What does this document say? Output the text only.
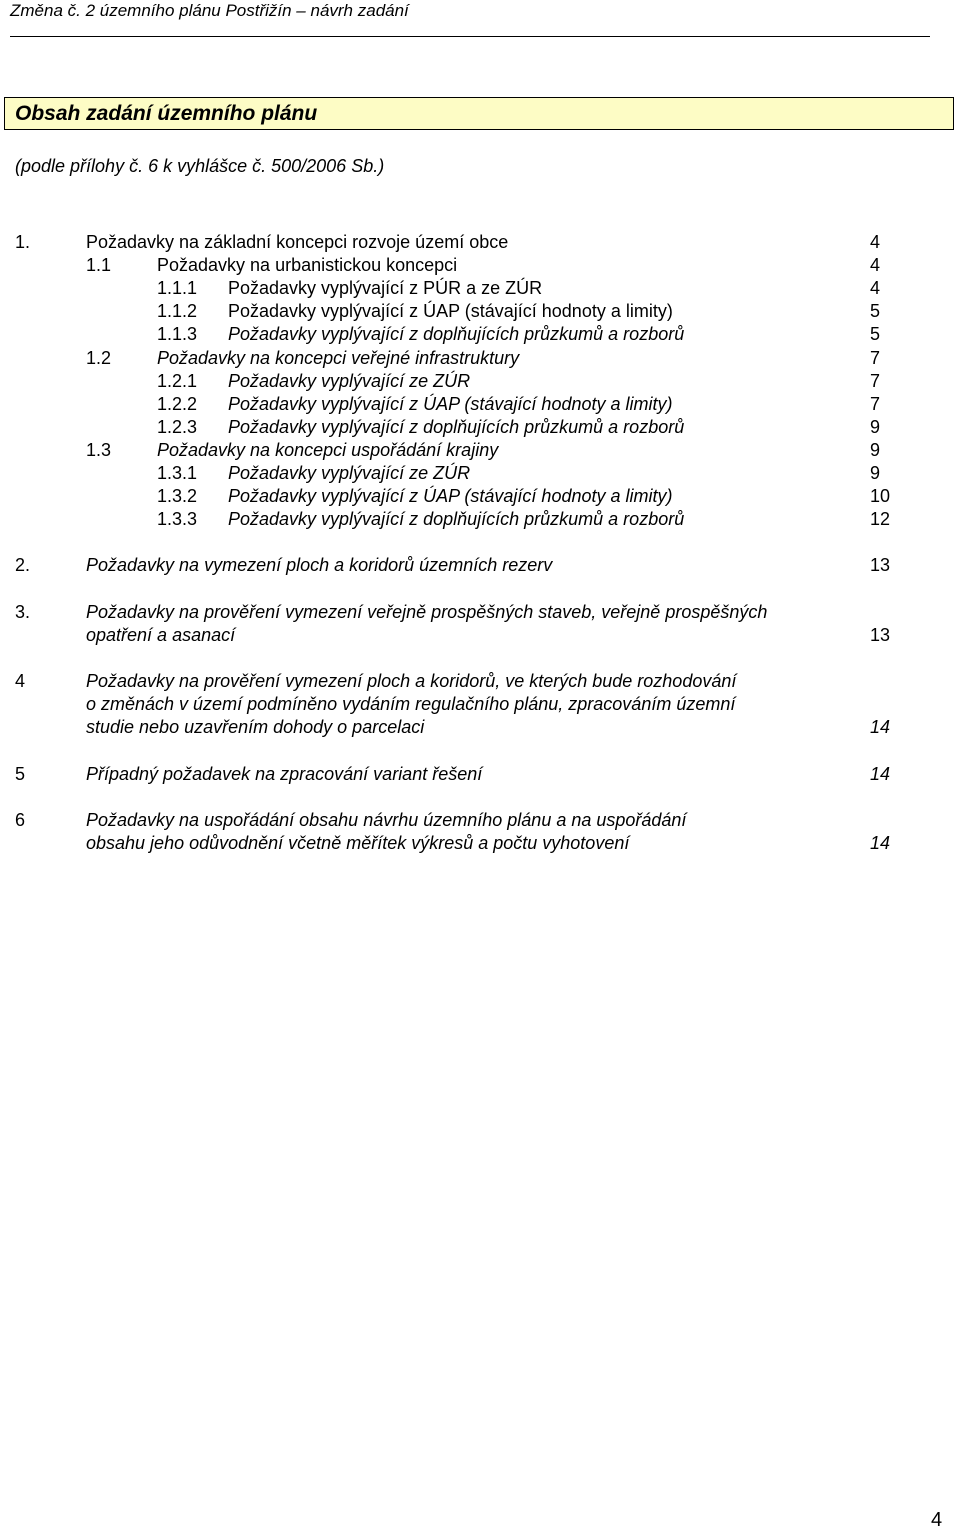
Změna č. 2 územního plánu Postřižín – návrh zadání
Obsah zadání územního plánu
(podle přílohy č. 6 k vyhlášce č. 500/2006 Sb.)
1.	Požadavky na základní koncepci rozvoje území obce	4
1.1	Požadavky na urbanistickou koncepci	4
1.1.1 Požadavky vyplývající z PÚR a ze ZÚR	4
1.1.2 Požadavky vyplývající z ÚAP (stávající hodnoty a limity)	5
1.1.3 Požadavky vyplývající z doplňujících průzkumů a rozborů	5
1.2	Požadavky na koncepci veřejné infrastruktury	7
1.2.1 Požadavky vyplývající ze ZÚR	7
1.2.2 Požadavky vyplývající z ÚAP (stávající hodnoty a limity)	7
1.2.3 Požadavky vyplývající z doplňujících průzkumů a rozborů	9
1.3	Požadavky na koncepci uspořádání krajiny	9
1.3.1 Požadavky vyplývající ze ZÚR	9
1.3.2 Požadavky vyplývající z ÚAP (stávající hodnoty a limity)	10
1.3.3 Požadavky vyplývající z doplňujících průzkumů a rozborů	12
2.	Požadavky na vymezení ploch a koridorů územních rezerv	13
3.	Požadavky na prověření vymezení veřejně prospěšných staveb, veřejně prospěšných
opatření a asanací	13
4	Požadavky na prověření vymezení ploch a koridorů, ve kterých bude rozhodování
o změnách v území podmíněno vydáním regulačního plánu, zpracováním územní
studie nebo uzavřením dohody o parcelaci	14
5	Případný požadavek na zpracování variant řešení	14
6	Požadavky na uspořádání obsahu návrhu územního plánu a na uspořádání
obsahu jeho odůvodnění včetně měřítek výkresů a počtu vyhotovení	14
4
